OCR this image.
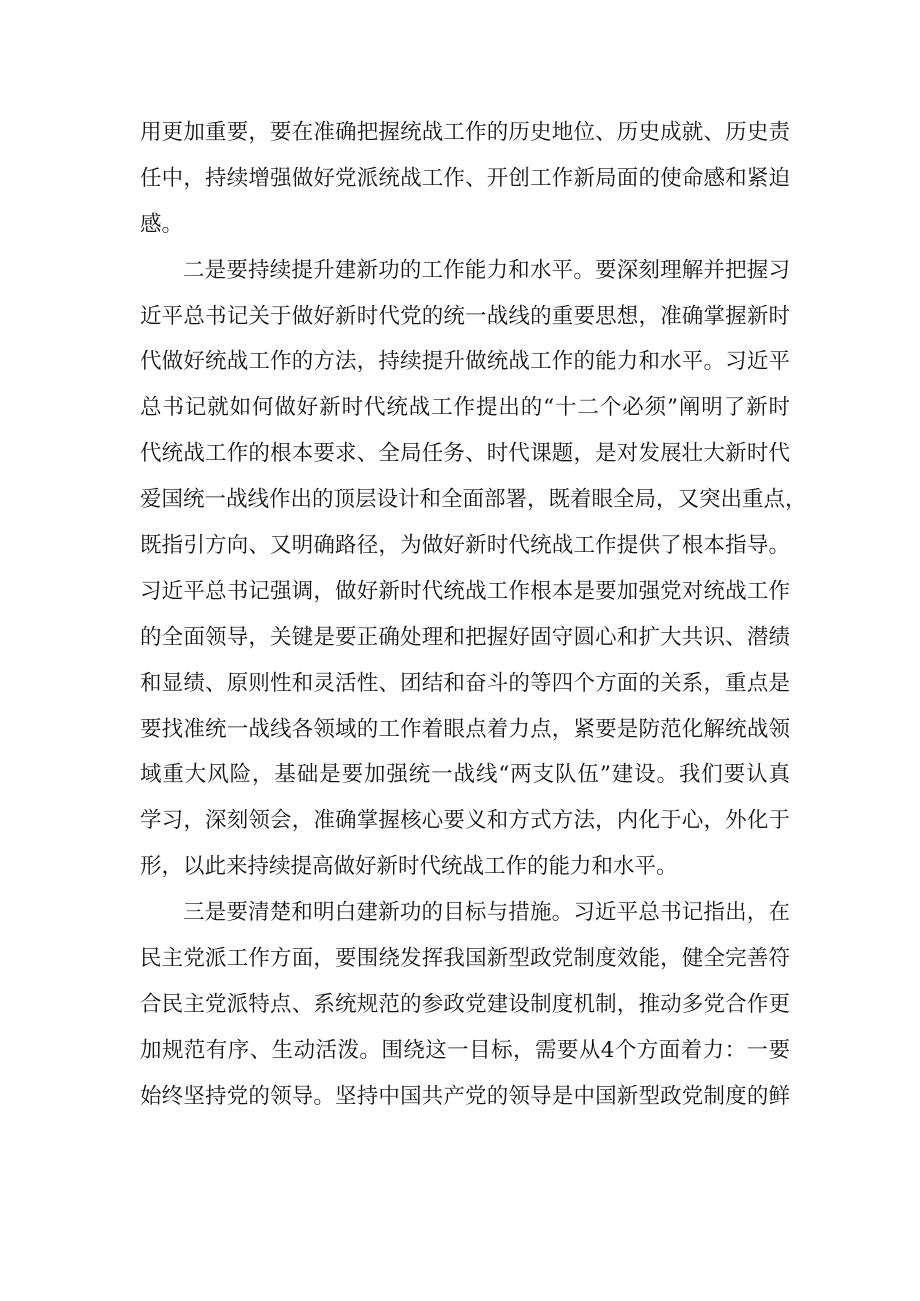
用更加重要，要在准确把握统战工作的历史地位、历史成就、历史责
任中，持续增强做好党派统战工作、开创工作新局面的使命感和紧迫
感。
二是要持续提升建新功的工作能力和水平。要深刻理解并把握习
近平总书记关于做好新时代党的统一战线的重要思想，准确掌握新时
代做好统战工作的方法，持续提升做统战工作的能力和水平。习近平
总书记就如何做好新时代统战工作提出的“十二个必须”阐明了新时
代统战工作的根本要求、全局任务、时代课题，是对发展壮大新时代
爱国统一战线作出的顶层设计和全面部署，既着眼全局，又突出重点，
既指引方向、又明确路径，为做好新时代统战工作提供了根本指导。
习近平总书记强调，做好新时代统战工作根本是要加强党对统战工作
的全面领导，关键是要正确处理和把握好固守圆心和扩大共识、潜绩
和显绩、原则性和灵活性、团结和奋斗的等四个方面的关系，重点是
要找准统一战线各领域的工作着眼点着力点，紧要是防范化解统战领
域重大风险，基础是要加强统一战线“两支队伍”建设。我们要认真
学习，深刻领会，准确掌握核心要义和方式方法，内化于心，外化于
形，以此来持续提高做好新时代统战工作的能力和水平。
三是要清楚和明白建新功的目标与措施。习近平总书记指出，在
民主党派工作方面，要围绕发挥我国新型政党制度效能，健全完善符
合民主党派特点、系统规范的参政党建设制度机制，推动多党合作更
加规范有序、生动活泼。围绕这一目标，需要从4个方面着力：一要
始终坚持党的领导。坚持中国共产党的领导是中国新型政党制度的鲜
